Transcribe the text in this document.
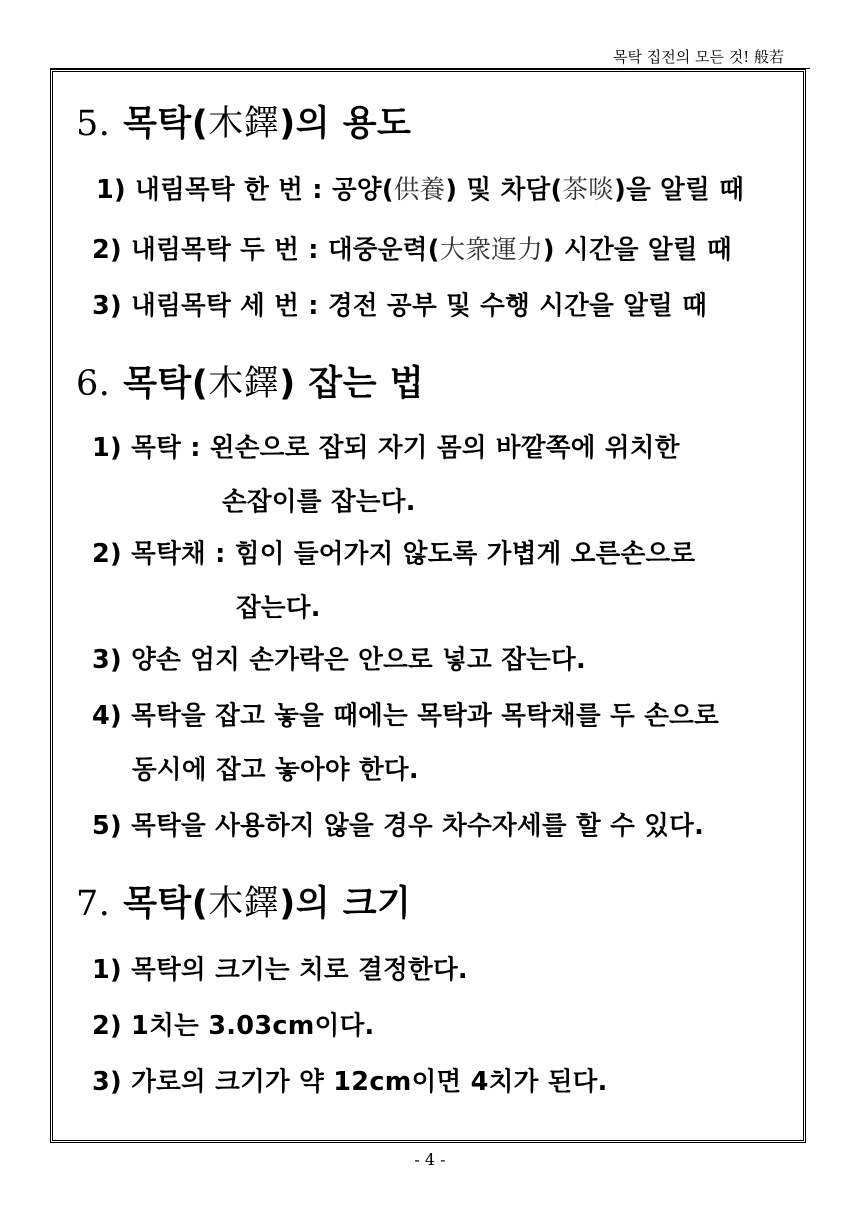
목탁 집전의 모든 것! 般若
5. 목탁(木鐸)의 용도
1) 내림목탁 한 번 : 공양(供養) 및 차담(茶啖)을 알릴 때
2) 내림목탁 두 번 : 대중운력(大衆運力) 시간을 알릴 때
3) 내림목탁 세 번 : 경전 공부 및 수행 시간을 알릴 때
6. 목탁(木鐸) 잡는 법
1) 목탁 : 왼손으로 잡되 자기 몸의 바깥쪽에 위치한
손잡이를 잡는다.
2) 목탁채 : 힘이 들어가지 않도록 가볍게 오른손으로
잡는다.
3) 양손 엄지 손가락은 안으로 넣고 잡는다.
4) 목탁을 잡고 놓을 때에는 목탁과 목탁채를 두 손으로
동시에 잡고 놓아야 한다.
5) 목탁을 사용하지 않을 경우 차수자세를 할 수 있다.
7. 목탁(木鐸)의 크기
1) 목탁의 크기는 치로 결정한다.
2) 1치는 3.03cm이다.
3) 가로의 크기가 약 12cm이면 4치가 된다.
- 4 -
